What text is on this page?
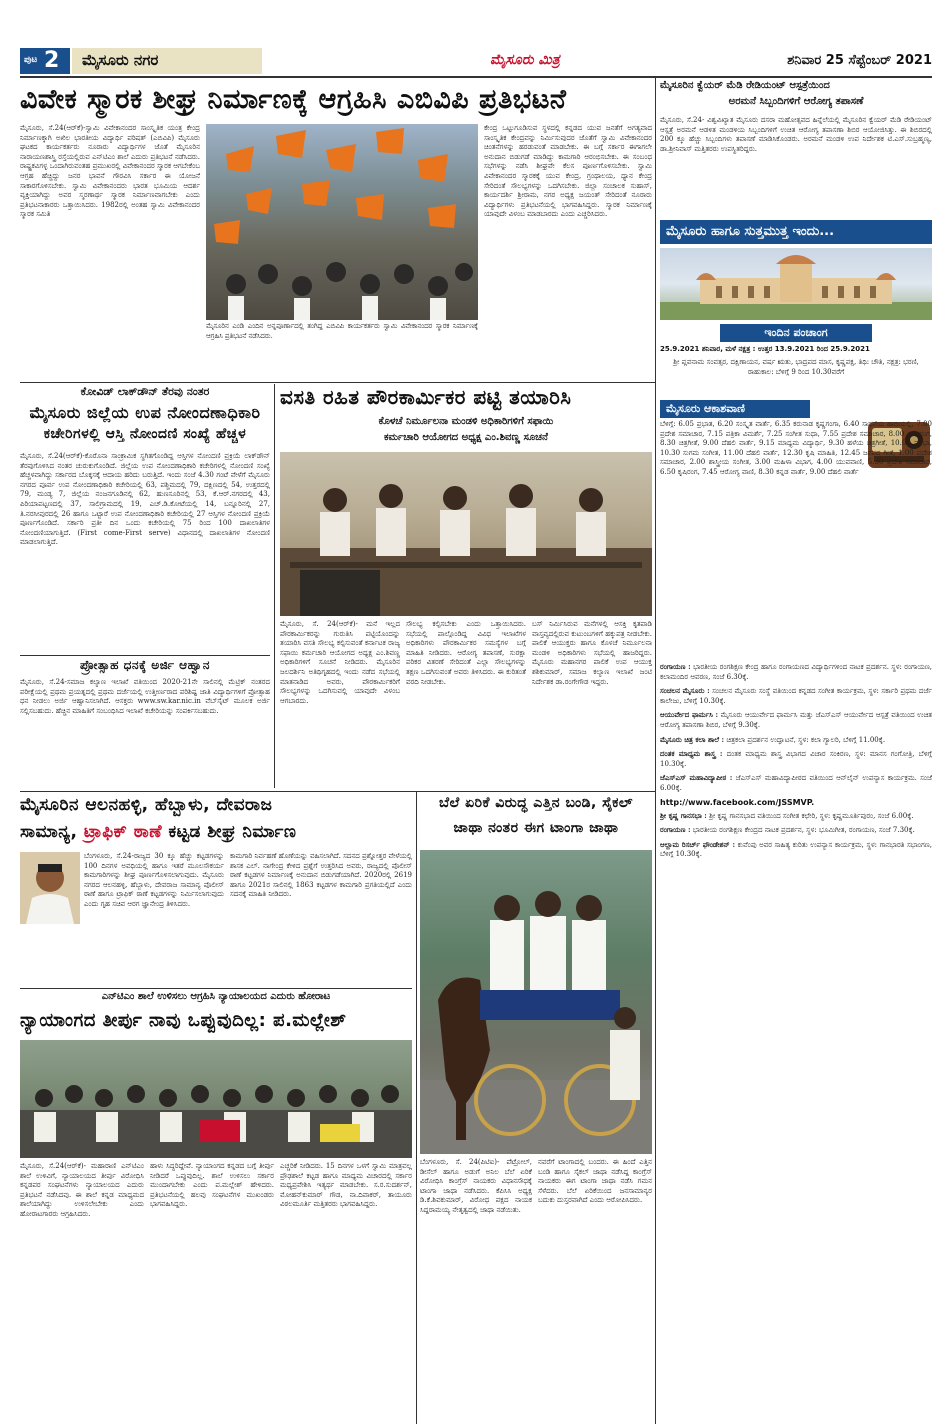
ಪುಟ 2 ಮೈಸೂರು ನಗರ	ಮೈಸೂರು ಮಿತ್ರ	ಶನಿವಾರ 25 ಸೆಪ್ಟೆಂಬರ್ 2021
ವಿವೇಕ ಸ್ಮಾರಕ ಶೀಘ್ರ ನಿರ್ಮಾಣಕ್ಕೆ ಆಗ್ರಹಿಸಿ ಎಬಿವಿಪಿ ಪ್ರತಿಭಟನೆ
ಮೈಸೂರು, ಸೆ.24(ಆರ್‌ಕೆ)-ಸ್ವಾಮಿ ವಿವೇಕಾನಂದರ ಸಾಂಸ್ಕೃತಿಕ ಯಂತ್ರ ಕೇಂದ್ರ ನಿರ್ಮಾಣಕ್ಕಾಗಿ ಅಖಿಲ ಭಾರತೀಯ ವಿದ್ಯಾರ್ಥಿ ಪರಿಷತ್ (ಎಬಿವಿಪಿ) ಮೈಸೂರು ಘಟಕದ ಕಾರ್ಯಕರ್ತರು ನೂರಾರು ವಿದ್ಯಾರ್ಥಿಗಳ ಜೊತೆ ಮೈಸೂರಿನ ನಾರಾಯಣಶಾಸ್ತ್ರಿ ರಸ್ತೆಯಲ್ಲಿರುವ ಎನ್‌ಟಿಎಂ ಶಾಲೆ ಎದುರು ಪ್ರತಿಭಟನೆ ನಡೆಸಿದರು. ರಾಷ್ಟ್ರಕವಿಗಳ್ಳ ಒಂದಾಗಿರುವಂತಹ ಪ್ರಮುಖರಲ್ಲಿ ವಿವೇಕಾನಂದರ ಸ್ಮಾರಕ ಆಗಬೇಕೆಂಬ ಆಗ್ರಹ ಹೆಚ್ಚಿದ್ದು ಜನರ ಭಾವನೆ ಗೌರವಿಸಿ ಸರ್ಕಾರ ಈ ಯೋಜನೆ ಸಾಕಾರಗೊಳಿಸಬೇಕು. ಸ್ವಾಮಿ ವಿವೇಕಾನಂದರು ಭಾರತ ಭೂಮಿಯ ಆದರ್ಶ ವ್ಯಕ್ತಿಯಾಗಿದ್ದು ಅವರ ಸ್ಮರಣಾರ್ಥ ಸ್ಮಾರಕ ನಿರ್ಮಾಣವಾಗಬೇಕು ಎಂದು ಪ್ರತಿಭಟನಾಕಾರರು ಒತ್ತಾಯಿಸಿದರು. 1982ರಲ್ಲಿ ಅಂತಹ ಸ್ವಾಮಿ ವಿವೇಕಾನಂದರ ಸ್ಮಾರಕ ಸಮಿತಿ
ಮೈಸೂರಿನ ಎಂಡಿ ಎಂದಿನ ಅನ್ನಪೂರ್ಣಾದಲ್ಲಿ ತಂಗಿದ್ದ ಎಬಿವಿಪಿ ಕಾರ್ಯಕರ್ತರು ಸ್ವಾಮಿ ವಿವೇಕಾನಂದರ ಸ್ಮಾರಕ ನಿರ್ಮಾಣಕ್ಕೆ ಆಗ್ರಹಿಸಿ ಪ್ರತಿಭಟನೆ ನಡೆಸಿದರು.
ಕೇಂದ್ರ ಒಟ್ಟುಗೂಡಿಸುವ ಸ್ಥಳದಲ್ಲಿ ಕನ್ನಡದ ಯುವ ಜನತೆಗೆ ಅಗತ್ಯವಾದ ಸಾಂಸ್ಕೃತಿಕ ಕೇಂದ್ರವನ್ನು ನಿರ್ಮಿಸುವುದರ ಜೊತೆಗೆ ಸ್ವಾಮಿ ವಿವೇಕಾನಂದರ ಚಿಂತನೆಗಳನ್ನು ಹರಡುವಂತೆ ಮಾಡಬೇಕು. ಈ ಬಗ್ಗೆ ಸರ್ಕಾರ ಈಗಾಗಲೇ ಅನುದಾನ ಬಿಡುಗಡೆ ಮಾಡಿದ್ದು ಕಾಮಗಾರಿ ಆರಂಭಿಸಬೇಕು. ಈ ಸಂಬಂಧ ಸಭೆಗಳನ್ನು ನಡೆಸಿ ಶೀಘ್ರವೇ ಕೆಲಸ ಪೂರ್ಣಗೊಳಿಸಬೇಕು. ಸ್ವಾಮಿ ವಿವೇಕಾನಂದರ ಸ್ಮಾರಕಕ್ಕೆ ಯುವ ಕೇಂದ್ರ, ಗ್ರಂಥಾಲಯ, ಧ್ಯಾನ ಕೇಂದ್ರ ಸೇರಿದಂತೆ ಸೌಲಭ್ಯಗಳನ್ನು ಒದಗಿಸಬೇಕು. ಜಿಲ್ಲಾ ಸಂಚಾಲಕ ಸುಹಾಸ್, ಕಾರ್ಯದರ್ಶಿ ಶ್ರೀರಾಮ, ನಗರ ಅಧ್ಯಕ್ಷ ಜಯಂತ್ ಸೇರಿದಂತೆ ನೂರಾರು ವಿದ್ಯಾರ್ಥಿಗಳು ಪ್ರತಿಭಟನೆಯಲ್ಲಿ ಭಾಗವಹಿಸಿದ್ದರು. ಸ್ಮಾರಕ ನಿರ್ಮಾಣಕ್ಕೆ ಯಾವುದೇ ವಿಳಂಬ ಮಾಡಬಾರದು ಎಂದು ಎಚ್ಚರಿಸಿದರು.
ಕೋವಿಡ್ ಲಾಕ್‌ಡೌನ್ ತೆರವು ನಂತರ
ಮೈಸೂರು ಜಿಲ್ಲೆಯ ಉಪ ನೋಂದಣಾಧಿಕಾರಿ
ಕಚೇರಿಗಳಲ್ಲಿ ಆಸ್ತಿ ನೋಂದಣಿ ಸಂಖ್ಯೆ ಹೆಚ್ಚಳ
ಮೈಸೂರು, ಸೆ.24(ಆರ್‌ಕೆ)-ಕೊರೊನಾ ಸಾಂಕ್ರಾಮಿಕ ಸ್ಥಗಿತಗೊಂಡಿದ್ದ ಆಸ್ತಿಗಳ ನೋಂದಣಿ ಪ್ರಕ್ರಿಯೆ ಲಾಕ್‌ಡೌನ್ ತೆರವುಗೊಳಿಸಿದ ನಂತರ ಚುರುಕುಗೊಂಡಿದೆ. ಜಿಲ್ಲೆಯ ಉಪ ನೋಂದಣಾಧಿಕಾರಿ ಕಚೇರಿಗಳಲ್ಲಿ ನೋಂದಣಿ ಸಂಖ್ಯೆ ಹೆಚ್ಚಳವಾಗಿದ್ದು ಸರ್ಕಾರದ ಬೊಕ್ಕಸಕ್ಕೆ ಆದಾಯ ಹರಿದು ಬರುತ್ತಿದೆ. ಇಂದು ಸಂಜೆ 4.30 ಗಂಟೆ ವೇಳೆಗೆ ಮೈಸೂರು ನಗರದ ಪೂರ್ವ ಉಪ ನೋಂದಣಾಧಿಕಾರಿ ಕಚೇರಿಯಲ್ಲಿ 63, ಪಶ್ಚಿಮದಲ್ಲಿ 79, ದಕ್ಷಿಣದಲ್ಲಿ 54, ಉತ್ತರದಲ್ಲಿ 79, ಮಂಡ್ಯ 7, ಜಿಲ್ಲೆಯ ನಂಜನಗೂಡಿನಲ್ಲಿ 62, ಹುಣಸೂರಿನಲ್ಲಿ 53, ಕೆ.ಆರ್.ನಗರದಲ್ಲಿ 43, ಪಿರಿಯಾಪಟ್ಟಣದಲ್ಲಿ 37, ಸಾಲಿಗ್ರಾಮದಲ್ಲಿ 19, ಎಚ್.ಡಿ.ಕೋಟೆಯಲ್ಲಿ 14, ಬನ್ನೂರಿನಲ್ಲಿ 27, ತಿ.ನರಸೀಪುರದಲ್ಲಿ 26 ಹಾಗೂ ಒಟ್ಟಾರೆ ಉಪ ನೋಂದಣಾಧಿಕಾರಿ ಕಚೇರಿಯಲ್ಲಿ 27 ಆಸ್ತಿಗಳ ನೋಂದಣಿ ಪ್ರಕ್ರಿಯೆ ಪೂರ್ಣಗೊಂಡಿದೆ. ಸರ್ಕಾರಿ ಪ್ರತೀ ದಿನ ಒಂದು ಕಚೇರಿಯಲ್ಲಿ 75 ರಿಂದ 100 ದಾಖಲಾತಿಗಳ ನೋಂದಣಿಯಾಗುತ್ತಿದೆ. (First come-First serve) ವಿಧಾನದಲ್ಲಿ ದಾಖಲಾತಿಗಳ ನೋಂದಣಿ ಮಾಡಲಾಗುತ್ತಿದೆ.
ಪ್ರೋತ್ಸಾಹ ಧನಕ್ಕೆ ಅರ್ಜಿ ಆಹ್ವಾನ
ಮೈಸೂರು, ಸೆ.24-ಸಮಾಜ ಕಲ್ಯಾಣ ಇಲಾಖೆ ವತಿಯಿಂದ 2020-21ನೇ ಸಾಲಿನಲ್ಲಿ ಮೆಟ್ರಿಕ್ ನಂತರದ ಪರೀಕ್ಷೆಯಲ್ಲಿ ಪ್ರಥಮ ಪ್ರಯತ್ನದಲ್ಲಿ ಪ್ರಥಮ ದರ್ಜೆಯಲ್ಲಿ ಉತ್ತೀರ್ಣರಾದ ಪರಿಶಿಷ್ಟ ಜಾತಿ ವಿದ್ಯಾರ್ಥಿಗಳಿಗೆ ಪ್ರೋತ್ಸಾಹ ಧನ ನೀಡಲು ಅರ್ಜಿ ಆಹ್ವಾನಿಸಲಾಗಿದೆ. ಆಸಕ್ತರು www.sw.kar.nic.in ವೆಬ್‌ಸೈಟ್ ಮೂಲಕ ಅರ್ಜಿ ಸಲ್ಲಿಸಬಹುದು. ಹೆಚ್ಚಿನ ಮಾಹಿತಿಗೆ ಸಂಬಂಧಿಸಿದ ಇಲಾಖೆ ಕಚೇರಿಯನ್ನು ಸಂಪರ್ಕಿಸಬಹುದು.
ವಸತಿ ರಹಿತ ಪೌರಕಾರ್ಮಿಕರ ಪಟ್ಟಿ ತಯಾರಿಸಿ
ಕೊಳಚೆ ನಿರ್ಮೂಲನಾ ಮಂಡಳಿ ಅಧಿಕಾರಿಗಳಿಗೆ ಸಫಾಯಿ
ಕರ್ಮಚಾರಿ ಆಯೋಗದ ಅಧ್ಯಕ್ಷ ಎಂ.ಶಿವಣ್ಣ ಸೂಚನೆ
ಮೈಸೂರು, ಸೆ. 24(ಆರ್‌ಕೆ)- ಮನೆ ಇಲ್ಲದ ಪೌರಕಾರ್ಮಿಕರನ್ನು ಗುರುತಿಸಿ ಪಟ್ಟಿಯೊಂದನ್ನು ತಯಾರಿಸಿ ವಸತಿ ಸೌಲಭ್ಯ ಕಲ್ಪಿಸುವಂತೆ ಕರ್ನಾಟಕ ರಾಜ್ಯ ಸಫಾಯಿ ಕರ್ಮಚಾರಿ ಆಯೋಗದ ಅಧ್ಯಕ್ಷ ಎಂ.ಶಿವಣ್ಣ ಅಧಿಕಾರಿಗಳಿಗೆ ಸೂಚನೆ ನೀಡಿದರು. ಮೈಸೂರಿನ ಜಲದರ್ಶಿನಿ ಅತಿಥಿಗೃಹದಲ್ಲಿ ಇಂದು ನಡೆದ ಸಭೆಯಲ್ಲಿ ಮಾತನಾಡಿದ ಅವರು, ಪೌರಕಾರ್ಮಿಕರಿಗೆ ಸೌಲಭ್ಯಗಳನ್ನು ಒದಗಿಸುವಲ್ಲಿ ಯಾವುದೇ ವಿಳಂಬ ಆಗಬಾರದು.
ಸೌಲಭ್ಯ ಕಲ್ಪಿಸಬೇಕು ಎಂದು ಒತ್ತಾಯಿಸಿದರು. ಸಭೆಯಲ್ಲಿ ಪಾಲ್ಗೊಂಡಿದ್ದ ವಿವಿಧ ಇಲಾಖೆಗಳ ಅಧಿಕಾರಿಗಳು ಪೌರಕಾರ್ಮಿಕರ ಸಮಸ್ಯೆಗಳ ಬಗ್ಗೆ ಮಾಹಿತಿ ನೀಡಿದರು. ಆರೋಗ್ಯ ತಪಾಸಣೆ, ಸುರಕ್ಷಾ ಪರಿಕರ ವಿತರಣೆ ಸೇರಿದಂತೆ ಎಲ್ಲಾ ಸೌಲಭ್ಯಗಳನ್ನು ತಕ್ಷಣ ಒದಗಿಸುವಂತೆ ಅವರು ತಿಳಿಸಿದರು. ಈ ಕುರಿತಂತೆ ವರದಿ ನೀಡಬೇಕು.
ಬಸ್ ನಿರ್ಮಿಸಿರುವ ಮನೆಗಳಲ್ಲಿ ಆಸಕ್ತಿ ಕೃತಪಾಡಿ ವಾಸ್ತವ್ಯದಲ್ಲಿರುವ ಕುಟುಂಬಗಳಿಗೆ ಹಕ್ಕುಪತ್ರ ನೀಡಬೇಕು. ಪಾಲಿಕೆ ಆಯುಕ್ತರು ಹಾಗೂ ಕೊಳಚೆ ನಿರ್ಮೂಲನಾ ಮಂಡಳಿ ಅಧಿಕಾರಿಗಳು ಸಭೆಯಲ್ಲಿ ಹಾಜರಿದ್ದರು. ಮೈಸೂರು ಮಹಾನಗರ ಪಾಲಿಕೆ ಉಪ ಆಯುಕ್ತ ಶಶಿಕುಮಾರ್, ಸಮಾಜ ಕಲ್ಯಾಣ ಇಲಾಖೆ ಜಂಟಿ ನಿರ್ದೇಶಕ ಡಾ.ರಂಗೇಗೌಡ ಇದ್ದರು.
ಮೈಸೂರಿನ ಆಲನಹಳ್ಳಿ, ಹೆಬ್ಬಾಳು, ದೇವರಾಜ
ಸಾಮಾನ್ಯ, ಟ್ರಾಫಿಕ್ ಠಾಣೆ ಕಟ್ಟಡ ಶೀಘ್ರ ನಿರ್ಮಾಣ
ಬೆಂಗಳೂರು, ಸೆ.24-ರಾಜ್ಯದ 30 ಕ್ಕೂ ಹೆಚ್ಚು ಕಟ್ಟಡಗಳನ್ನು 100 ದಿನಗಳ ಅವಧಿಯಲ್ಲಿ ಹಾಗೂ ಇತರೆ ಮೂಲಸೌಕರ್ಯ ಕಾಮಗಾರಿಗಳನ್ನು ಶೀಘ್ರ ಪೂರ್ಣಗೊಳಿಸಲಾಗುವುದು. ಮೈಸೂರು ನಗರದ ಆಲನಹಳ್ಳಿ, ಹೆಬ್ಬಾಳು, ದೇವರಾಜ ಸಾಮಾನ್ಯ ಪೊಲೀಸ್ ಠಾಣೆ ಹಾಗೂ ಟ್ರಾಫಿಕ್ ಠಾಣೆ ಕಟ್ಟಡಗಳನ್ನು ನಿರ್ಮಿಸಲಾಗುವುದು ಎಂದು ಗೃಹ ಸಚಿವ ಆರಗ ಜ್ಞಾನೇಂದ್ರ ತಿಳಿಸಿದರು.
ಕಾಮಗಾರಿ ನಿರ್ವಹಣೆ ಹೊಣೆಯನ್ನು ವಹಿಸಲಾಗಿದೆ. ಸದನದ ಪ್ರಶ್ನೋತ್ತರ ವೇಳೆಯಲ್ಲಿ ಶಾಸಕ ಎಲ್. ನಾಗೇಂದ್ರ ಕೇಳಿದ ಪ್ರಶ್ನೆಗೆ ಉತ್ತರಿಸಿದ ಅವರು, ರಾಜ್ಯದಲ್ಲಿ ಪೊಲೀಸ್ ಠಾಣೆ ಕಟ್ಟಡಗಳ ನಿರ್ಮಾಣಕ್ಕೆ ಅನುದಾನ ಬಿಡುಗಡೆಯಾಗಿದೆ. 2020ರಲ್ಲಿ 2619 ಹಾಗೂ 2021ರ ಸಾಲಿನಲ್ಲಿ 1863 ಕಟ್ಟಡಗಳ ಕಾಮಗಾರಿ ಪ್ರಗತಿಯಲ್ಲಿದೆ ಎಂದು ಸದನಕ್ಕೆ ಮಾಹಿತಿ ನೀಡಿದರು.
ಎನ್‌ಟಿಎಂ ಶಾಲೆ ಉಳಿಸಲು ಆಗ್ರಹಿಸಿ ನ್ಯಾಯಾಲಯದ ಎದುರು ಹೋರಾಟ
ನ್ಯಾಯಾಂಗದ ತೀರ್ಪು ನಾವು ಒಪ್ಪುವುದಿಲ್ಲ: ಪ.ಮಲ್ಲೇಶ್
ಮೈಸೂರು, ಸೆ.24(ಆರ್‌ಕೆ)- ಮಹಾರಾಣಿ ಎನ್‌ಟಿಎಂ ಶಾಲೆ ಉಳಿವಿಗೆ, ನ್ಯಾಯಾಲಯದ ತೀರ್ಪು ವಿರೋಧಿಸಿ ಕನ್ನಡಪರ ಸಂಘಟನೆಗಳು ನ್ಯಾಯಾಲಯದ ಎದುರು ಪ್ರತಿಭಟನೆ ನಡೆಸಿದವು. ಈ ಶಾಲೆ ಕನ್ನಡ ಮಾಧ್ಯಮದ ಶಾಲೆಯಾಗಿದ್ದು ಉಳಿಸಲೇಬೇಕು ಎಂದು ಹೋರಾಟಗಾರರು ಆಗ್ರಹಿಸಿದರು.
ಹಾಳು ಸಿದ್ಧರಿದ್ದೇವೆ. ನ್ಯಾಯಾಂಗದ ಕನ್ನಡದ ಬಗ್ಗೆ ತೀರ್ಪು ನೀಡಿದರೆ ಒಪ್ಪುವುದಿಲ್ಲ. ಶಾಲೆ ಉಳಿಸಲು ಸರ್ಕಾರ ಮುಂದಾಗಬೇಕು ಎಂದು ಪ.ಮಲ್ಲೇಶ್ ಹೇಳಿದರು. ಪ್ರತಿಭಟನೆಯಲ್ಲಿ ಹಲವು ಸಂಘಟನೆಗಳ ಮುಖಂಡರು ಭಾಗವಹಿಸಿದ್ದರು.
ಎಚ್ಚರಿಕೆ ನೀಡಿದರು. 15 ದಿನಗಳ ಒಳಗೆ ಸ್ವಾಮಿ ಮಾತ್ರವಲ್ಲ ಪ್ರೌಢಶಾಲೆ ಕಟ್ಟಡ ಹಾಗೂ ಮಾಧ್ಯಮ ವಿಚಾರದಲ್ಲಿ ಸರ್ಕಾರ ಮಧ್ಯಪ್ರವೇಶಿಸಿ ಇತ್ಯರ್ಥ ಮಾಡಬೇಕು. ಸ.ರ.ಸುದರ್ಶನ್, ಮೋಹನ್‌ಕುಮಾರ್ ಗೌಡ, ನಾ.ದಿವಾಕರ್, ತಾಯೂರು ವಿಠಲಮೂರ್ತಿ ಮತ್ತಿತರರು ಭಾಗವಹಿಸಿದ್ದರು.
ಬೆಲೆ ಏರಿಕೆ ವಿರುದ್ಧ ಎತ್ತಿನ ಬಂಡಿ, ಸೈಕಲ್
ಜಾಥಾ ನಂತರ ಈಗ ಟಾಂಗಾ ಜಾಥಾ
ಬೆಂಗಳೂರು, ಸೆ. 24(ಪಿಟಿಐ)- ಪೆಟ್ರೋಲ್, ಡೀಸೆಲ್ ಹಾಗೂ ಅಡುಗೆ ಅನಿಲ ಬೆಲೆ ಏರಿಕೆ ವಿರೋಧಿಸಿ ಕಾಂಗ್ರೆಸ್ ನಾಯಕರು ವಿಧಾನಸೌಧಕ್ಕೆ ಟಾಂಗಾ ಜಾಥಾ ನಡೆಸಿದರು. ಕೆಪಿಸಿಸಿ ಅಧ್ಯಕ್ಷ ಡಿ.ಕೆ.ಶಿವಕುಮಾರ್, ವಿರೋಧ ಪಕ್ಷದ ನಾಯಕ ಸಿದ್ದರಾಮಯ್ಯ ನೇತೃತ್ವದಲ್ಲಿ ಜಾಥಾ ನಡೆಯಿತು.
ನವರೆಗೆ ಟಾಂಗಾದಲ್ಲಿ ಬಂದರು. ಈ ಹಿಂದೆ ಎತ್ತಿನ ಬಂಡಿ ಹಾಗೂ ಸೈಕಲ್ ಜಾಥಾ ನಡೆಸಿದ್ದ ಕಾಂಗ್ರೆಸ್ ನಾಯಕರು ಈಗ ಟಾಂಗಾ ಜಾಥಾ ನಡೆಸಿ ಗಮನ ಸೆಳೆದರು. ಬೆಲೆ ಏರಿಕೆಯಿಂದ ಜನಸಾಮಾನ್ಯರ ಬದುಕು ದುಸ್ತರವಾಗಿದೆ ಎಂದು ಆರೋಪಿಸಿದರು.
ಮೈಸೂರಿನ ಕ್ವೆಯರ್ ಮೆಡಿ ರೇಡಿಯಂಟ್ ಆಸ್ಪತ್ರೆಯಿಂದ
ಅರಮನೆ ಸಿಬ್ಬಂದಿಗಳಿಗೆ ಆರೋಗ್ಯ ತಪಾಸಣೆ
ಮೈಸೂರು, ಸೆ.24- ವಿಶ್ವವಿಖ್ಯಾತ ಮೈಸೂರು ದಸರಾ ಮಹೋತ್ಸವದ ಹಿನ್ನೆಲೆಯಲ್ಲಿ ಮೈಸೂರಿನ ಕ್ವೆಯರ್ ಮೆಡಿ ರೇಡಿಯಂಟ್ ಆಸ್ಪತ್ರೆ ಅರಮನೆ ಆಡಳಿತ ಮಂಡಳಿಯ ಸಿಬ್ಬಂದಿಗಳಿಗೆ ಉಚಿತ ಆರೋಗ್ಯ ತಪಾಸಣಾ ಶಿಬಿರ ಆಯೋಜಿಸಿತ್ತು. ಈ ಶಿಬಿರದಲ್ಲಿ 200 ಕ್ಕೂ ಹೆಚ್ಚು ಸಿಬ್ಬಂದಿಗಳು ತಪಾಸಣೆ ಮಾಡಿಸಿಕೊಂಡರು. ಅರಮನೆ ಮಂಡಳಿ ಉಪ ನಿರ್ದೇಶಕ ಟಿ.ಎಸ್.ಸುಬ್ರಹ್ಮಣ್ಯ, ಡಾ.ಶ್ರೀನಿವಾಸ್ ಮತ್ತಿತರರು ಉಪಸ್ಥಿತರಿದ್ದರು.
ಮೈಸೂರು ಹಾಗೂ ಸುತ್ತಮುತ್ತ ಇಂದು...
ಇಂದಿನ ಪಂಚಾಂಗ
25.9.2021 ಶನಿವಾರ, ಮಳೆ ನಕ್ಷತ್ರ : ಉತ್ತರ 13.9.2021 ರಿಂದ 25.9.2021
ಶ್ರೀ ಪ್ಲವನಾಮ ಸಂವತ್ಸರ, ದಕ್ಷಿಣಾಯನ, ವರ್ಷ ಋತು, ಭಾದ್ರಪದ ಮಾಸ, ಕೃಷ್ಣಪಕ್ಷ, ತಿಥಿ: ಚೌತಿ, ನಕ್ಷತ್ರ: ಭರಣಿ, ರಾಹುಕಾಲ: ಬೆಳಿಗ್ಗೆ 9 ರಿಂದ 10.30ವರೆಗೆ
ಮೈಸೂರು ಆಕಾಶವಾಣಿ
ಬೆಳಿಗ್ಗೆ: 6.05 ಪ್ರಭಾತ, 6.20 ಸಂಸ್ಕೃತ ವಾರ್ತೆ, 6.35 ಕರುನಾಡ ಕೃಷ್ಣಗಂಗಾ, 6.40 ಸಾಧನೆಯ ಹಾದಿಯಲ್ಲಿ, 7.00 ಪ್ರದೇಶ ಸಮಾಚಾರ, 7.15 ಪತ್ರಿಕಾ ವಿಮರ್ಶೆ, 7.25 ಸಂಗೀತ ಸುಧಾ, 7.55 ಪ್ರದೇಶ ಸಮಾಚಾರ, 8.00 ಕೃಷಿ ರಂಗ, 8.30 ಚಿತ್ರಗೀತೆ, 9.00 ದೆಹಲಿ ವಾರ್ತೆ, 9.15 ಮಾಧ್ಯಮ ವಿದ್ಯಾರ್ಥಿ, 9.30 ಹಳೆಯ ಚಿತ್ರಗೀತೆ, 10.00 ಪ್ರತಿಭಾ, 10.30 ಸುಗಮ ಸಂಗೀತ, 11.00 ದೆಹಲಿ ವಾರ್ತೆ, 12.30 ಕೃಷಿ ಮಾಹಿತಿ, 12.45 ಜನಪದ ಗೀತೆ, 1.00 ಪ್ರದೇಶ ಸಮಾಚಾರ, 2.00 ಶಾಸ್ತ್ರೀಯ ಸಂಗೀತ, 3.00 ಮಹಿಳಾ ವಿಭಾಗ, 4.00 ಯುವವಾಣಿ, 5.30 ಪ್ರದೇಶ ಸಮಾಚಾರ, 6.50 ಕೃಷಿರಂಗ, 7.45 ಆರೋಗ್ಯ ವಾಣಿ, 8.30 ಕನ್ನಡ ವಾರ್ತೆ, 9.00 ದೆಹಲಿ ವಾರ್ತೆ
ರಂಗಾಯಣ : ಭಾರತೀಯ ರಂಗಶಿಕ್ಷಣ ಕೇಂದ್ರ ಹಾಗೂ ರಂಗಾಯಣದ ವಿದ್ಯಾರ್ಥಿಗಳಿಂದ ನಾಟಕ ಪ್ರದರ್ಶನ. ಸ್ಥಳ: ರಂಗಾಯಣ, ಕಲಾಮಂದಿರ ಆವರಣ, ಸಂಜೆ 6.30ಕ್ಕೆ.
ಸಂಚಲನ ಮೈಸೂರು : ಸಂಚಲನ ಮೈಸೂರು ಸಂಸ್ಥೆ ವತಿಯಿಂದ ಕನ್ನಡದ ಸಂಗೀತ ಕಾರ್ಯಕ್ರಮ, ಸ್ಥಳ: ಸರ್ಕಾರಿ ಪ್ರಥಮ ದರ್ಜೆ ಕಾಲೇಜು, ಬೆಳಿಗ್ಗೆ 10.30ಕ್ಕೆ.
ಆಯುರ್ವೇದ ಫಾರ್ಮಸಿ : ಮೈಸೂರು ಆಯುರ್ವೇದ ಫಾರ್ಮಸಿ ಮತ್ತು ಜೆಎಸ್‌ಎಸ್ ಆಯುರ್ವೇದ ಆಸ್ಪತ್ರೆ ವತಿಯಿಂದ ಉಚಿತ ಆರೋಗ್ಯ ತಪಾಸಣಾ ಶಿಬಿರ, ಬೆಳಿಗ್ಗೆ 9.30ಕ್ಕೆ.
ಮೈಸೂರು ಚಿತ್ರ ಕಲಾ ಶಾಲೆ : ಚಿತ್ರಕಲಾ ಪ್ರದರ್ಶನ ಉದ್ಘಾಟನೆ, ಸ್ಥಳ: ಕಲಾ ಗ್ಯಾಲರಿ, ಬೆಳಿಗ್ಗೆ 11.00ಕ್ಕೆ.
ದಂತಕ ಮಾಧ್ಯಮ ಶಾಸ್ತ್ರ : ದಂತಕ ಮಾಧ್ಯಮ ಶಾಸ್ತ್ರ ವಿಭಾಗದ ವಿಚಾರ ಸಂಕಿರಣ, ಸ್ಥಳ: ಮಾನಸ ಗಂಗೋತ್ರಿ, ಬೆಳಿಗ್ಗೆ 10.30ಕ್ಕೆ.
ಜೆಎಸ್‌ಎಸ್ ಮಹಾವಿದ್ಯಾಪೀಠ : ಜೆಎಸ್‌ಎಸ್ ಮಹಾವಿದ್ಯಾಪೀಠದ ವತಿಯಿಂದ ಆನ್‌ಲೈನ್ ಉಪನ್ಯಾಸ ಕಾರ್ಯಕ್ರಮ. ಸಂಜೆ 6.00ಕ್ಕೆ.
http://www.facebook.com/JSSMVP.
ಶ್ರೀ ಕೃಷ್ಣ ಗಾನಸಭಾ : ಶ್ರೀ ಕೃಷ್ಣ ಗಾನಸಭಾದ ವತಿಯಿಂದ ಸಂಗೀತ ಕಛೇರಿ, ಸ್ಥಳ: ಕೃಷ್ಣಮೂರ್ತಿಪುರಂ, ಸಂಜೆ 6.00ಕ್ಕೆ.
ರಂಗಾಯಣ : ಭಾರತೀಯ ರಂಗಶಿಕ್ಷಣ ಕೇಂದ್ರದ ನಾಟಕ ಪ್ರದರ್ಶನ, ಸ್ಥಳ: ಭೂಮಿಗೀತ, ರಂಗಾಯಣ, ಸಂಜೆ 7.30ಕ್ಕೆ.
ಆಲ್ಲಾಮ ರಿಸರ್ಚ್ ಫೌಂಡೇಶನ್ : ಕುವೆಂಪು ಅವರ ಸಾಹಿತ್ಯ ಕುರಿತು ಉಪನ್ಯಾಸ ಕಾರ್ಯಕ್ರಮ, ಸ್ಥಳ: ಗಾನಭಾರತಿ ಸಭಾಂಗಣ, ಬೆಳಿಗ್ಗೆ 10.30ಕ್ಕೆ.
